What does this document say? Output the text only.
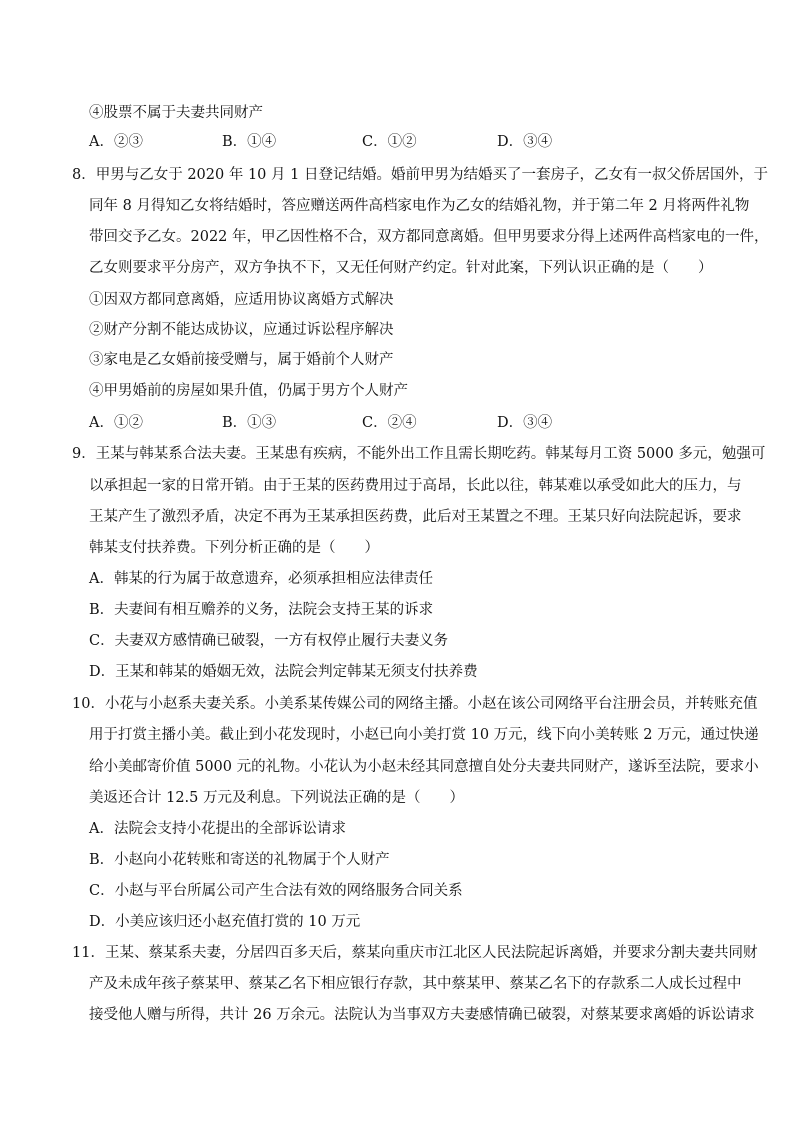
④股票不属于夫妻共同财产
A．②③	B．①④	C．①②	D．③④
8．甲男与乙女于 2020 年 10 月 1 日登记结婚。婚前甲男为结婚买了一套房子，乙女有一叔父侨居国外，于
同年 8 月得知乙女将结婚时，答应赠送两件高档家电作为乙女的结婚礼物，并于第二年 2 月将两件礼物
带回交予乙女。2022 年，甲乙因性格不合，双方都同意离婚。但甲男要求分得上述两件高档家电的一件，
乙女则要求平分房产，双方争执不下，又无任何财产约定。针对此案，下列认识正确的是（　　）
①因双方都同意离婚，应适用协议离婚方式解决
②财产分割不能达成协议，应通过诉讼程序解决
③家电是乙女婚前接受赠与，属于婚前个人财产
④甲男婚前的房屋如果升值，仍属于男方个人财产
A．①②	B．①③	C．②④	D．③④
9．王某与韩某系合法夫妻。王某患有疾病，不能外出工作且需长期吃药。韩某每月工资 5000 多元，勉强可
以承担起一家的日常开销。由于王某的医药费用过于高昂，长此以往，韩某难以承受如此大的压力，与
王某产生了激烈矛盾，决定不再为王某承担医药费，此后对王某置之不理。王某只好向法院起诉，要求
韩某支付扶养费。下列分析正确的是（　　）
A．韩某的行为属于故意遗弃，必须承担相应法律责任
B．夫妻间有相互赡养的义务，法院会支持王某的诉求
C．夫妻双方感情确已破裂，一方有权停止履行夫妻义务
D．王某和韩某的婚姻无效，法院会判定韩某无须支付扶养费
10．小花与小赵系夫妻关系。小美系某传媒公司的网络主播。小赵在该公司网络平台注册会员，并转账充值
用于打赏主播小美。截止到小花发现时，小赵已向小美打赏 10 万元，线下向小美转账 2 万元，通过快递
给小美邮寄价值 5000 元的礼物。小花认为小赵未经其同意擅自处分夫妻共同财产，遂诉至法院，要求小
美返还合计 12.5 万元及利息。下列说法正确的是（　　）
A．法院会支持小花提出的全部诉讼请求
B．小赵向小花转账和寄送的礼物属于个人财产
C．小赵与平台所属公司产生合法有效的网络服务合同关系
D．小美应该归还小赵充值打赏的 10 万元
11．王某、蔡某系夫妻，分居四百多天后，蔡某向重庆市江北区人民法院起诉离婚，并要求分割夫妻共同财
产及未成年孩子蔡某甲、蔡某乙名下相应银行存款，其中蔡某甲、蔡某乙名下的存款系二人成长过程中
接受他人赠与所得，共计 26 万余元。法院认为当事双方夫妻感情确已破裂，对蔡某要求离婚的诉讼请求
